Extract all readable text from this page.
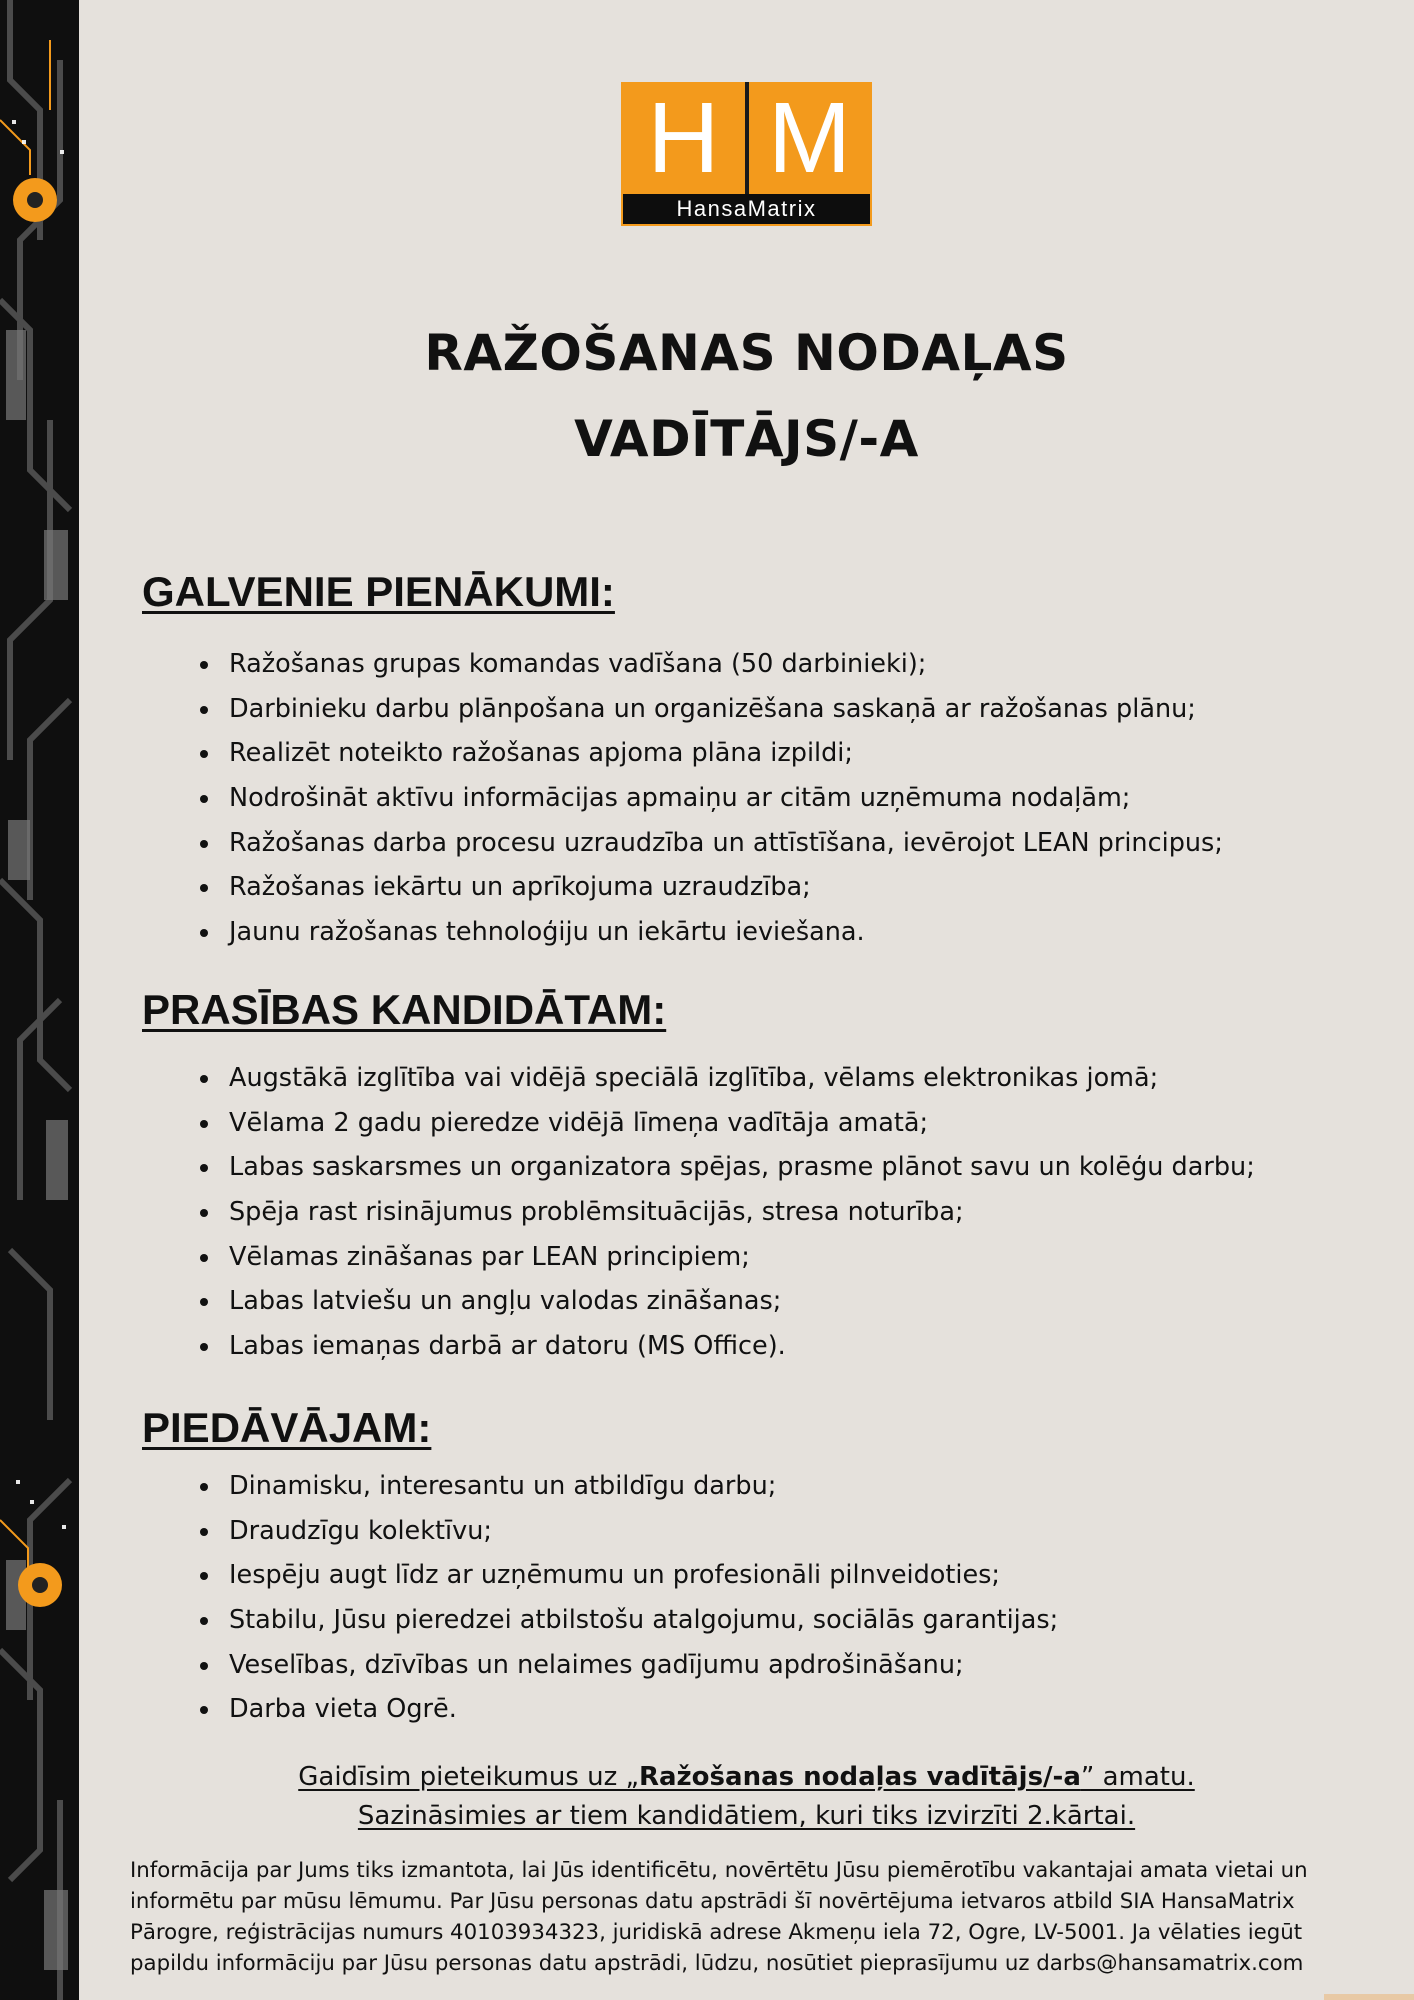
H M
HansaMatrix
RAŽOŠANAS NODAĻAS
VADĪTĀJS/-A
GALVENIE PIENĀKUMI:
Ražošanas grupas komandas vadīšana (50 darbinieki);
Darbinieku darbu plānpošana un organizēšana saskaņā ar ražošanas plānu;
Realizēt noteikto ražošanas apjoma plāna izpildi;
Nodrošināt aktīvu informācijas apmaiņu ar citām uzņēmuma nodaļām;
Ražošanas darba procesu uzraudzība un attīstīšana, ievērojot LEAN principus;
Ražošanas iekārtu un aprīkojuma uzraudzība;
Jaunu ražošanas tehnoloģiju un iekārtu ieviešana.
PRASĪBAS KANDIDĀTAM:
Augstākā izglītība vai vidējā speciālā izglītība, vēlams elektronikas jomā;
Vēlama 2 gadu pieredze vidējā līmeņa vadītāja amatā;
Labas saskarsmes un organizatora spējas, prasme plānot savu un kolēģu darbu;
Spēja rast risinājumus problēmsituācijās, stresa noturība;
Vēlamas zināšanas par LEAN principiem;
Labas latviešu un angļu valodas zināšanas;
Labas iemaņas darbā ar datoru (MS Office).
PIEDĀVĀJAM:
Dinamisku, interesantu un atbildīgu darbu;
Draudzīgu kolektīvu;
Iespēju augt līdz ar uzņēmumu un profesionāli pilnveidoties;
Stabilu, Jūsu pieredzei atbilstošu atalgojumu, sociālās garantijas;
Veselības, dzīvības un nelaimes gadījumu apdrošināšanu;
Darba vieta Ogrē.
Gaidīsim pieteikumus uz „Ražošanas nodaļas vadītājs/-a” amatu.
Sazināsimies ar tiem kandidātiem, kuri tiks izvirzīti 2.kārtai.
Informācija par Jums tiks izmantota, lai Jūs identificētu, novērtētu Jūsu piemērotību vakantajai amata vietai un
informētu par mūsu lēmumu. Par Jūsu personas datu apstrādi šī novērtējuma ietvaros atbild SIA HansaMatrix
Pārogre, reģistrācijas numurs 40103934323, juridiskā adrese Akmeņu iela 72, Ogre, LV-5001. Ja vēlaties iegūt
papildu informāciju par Jūsu personas datu apstrādi, lūdzu, nosūtiet pieprasījumu uz darbs@hansamatrix.com
